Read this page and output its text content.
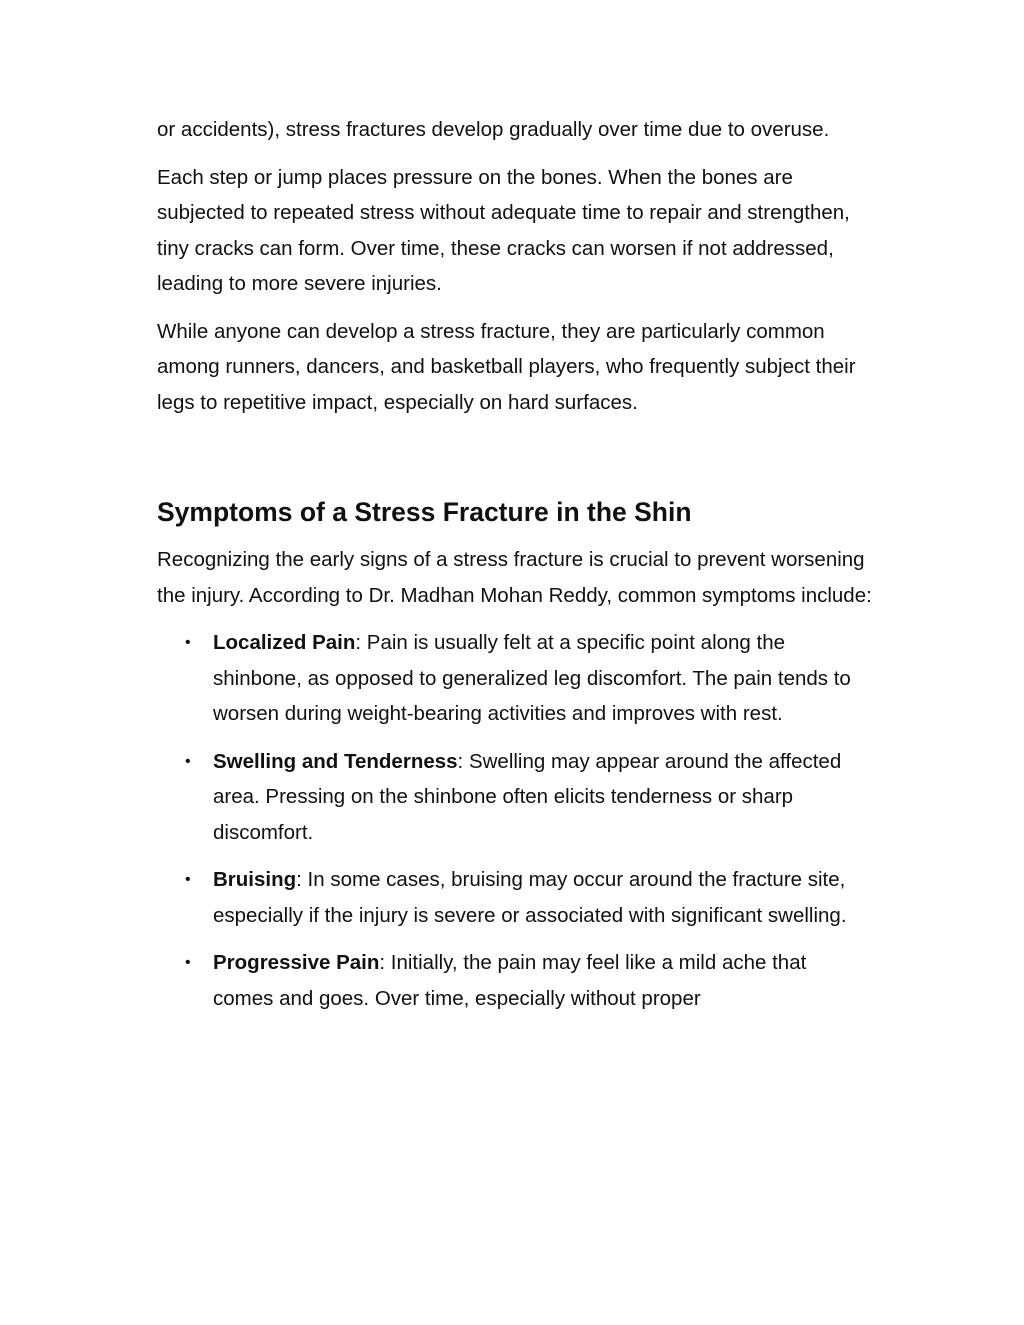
or accidents), stress fractures develop gradually over time due to overuse.

Each step or jump places pressure on the bones. When the bones are subjected to repeated stress without adequate time to repair and strengthen, tiny cracks can form. Over time, these cracks can worsen if not addressed, leading to more severe injuries.

While anyone can develop a stress fracture, they are particularly common among runners, dancers, and basketball players, who frequently subject their legs to repetitive impact, especially on hard surfaces.

Symptoms of a Stress Fracture in the Shin

Recognizing the early signs of a stress fracture is crucial to prevent worsening the injury. According to Dr. Madhan Mohan Reddy, common symptoms include:

• Localized Pain: Pain is usually felt at a specific point along the shinbone, as opposed to generalized leg discomfort. The pain tends to worsen during weight-bearing activities and improves with rest.
• Swelling and Tenderness: Swelling may appear around the affected area. Pressing on the shinbone often elicits tenderness or sharp discomfort.
• Bruising: In some cases, bruising may occur around the fracture site, especially if the injury is severe or associated with significant swelling.
• Progressive Pain: Initially, the pain may feel like a mild ache that comes and goes. Over time, especially without proper
